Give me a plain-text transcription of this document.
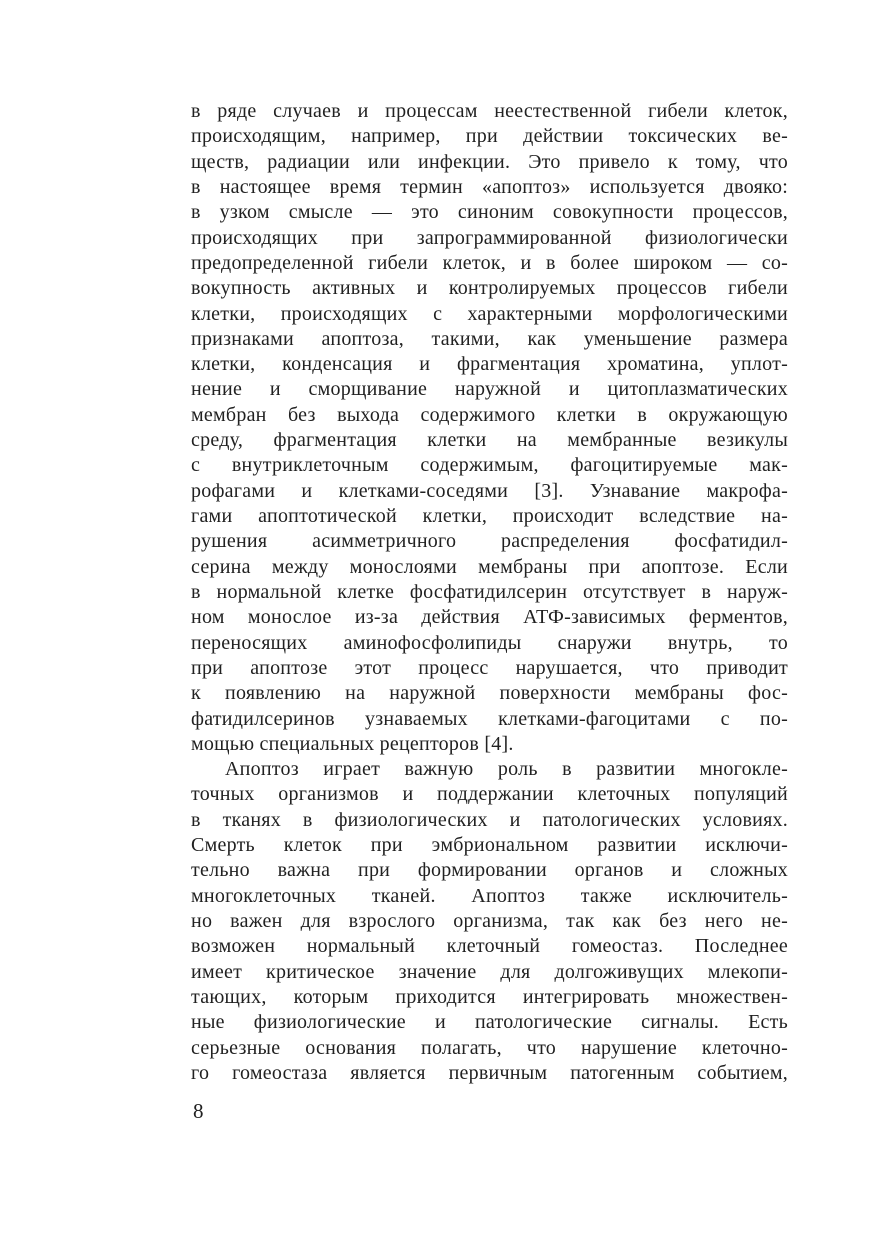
в ряде случаев и процессам неестественной гибели клеток,
происходящим, например, при действии токсических ве-
ществ, радиации или инфекции. Это привело к тому, что
в настоящее время термин «апоптоз» используется двояко:
в узком смысле — это синоним совокупности процессов,
происходящих при запрограммированной физиологически
предопределенной гибели клеток, и в более широком — со-
вокупность активных и контролируемых процессов гибели
клетки, происходящих с характерными морфологическими
признаками апоптоза, такими, как уменьшение размера
клетки, конденсация и фрагментация хроматина, уплот-
нение и сморщивание наружной и цитоплазматических
мембран без выхода содержимого клетки в окружающую
среду, фрагментация клетки на мембранные везикулы
с внутриклеточным содержимым, фагоцитируемые мак-
рофагами и клетками-соседями [3]. Узнавание макрофа-
гами апоптотической клетки, происходит вследствие на-
рушения асимметричного распределения фосфатидил-
серина между монослоями мембраны при апоптозе. Если
в нормальной клетке фосфатидилсерин отсутствует в наруж-
ном монослое из-за действия АТФ-зависимых ферментов,
переносящих аминофосфолипиды снаружи внутрь, то
при апоптозе этот процесс нарушается, что приводит
к появлению на наружной поверхности мембраны фос-
фатидилсеринов узнаваемых клетками-фагоцитами с по-
мощью специальных рецепторов [4].
Апоптоз играет важную роль в развитии многокле-
точных организмов и поддержании клеточных популяций
в тканях в физиологических и патологических условиях.
Смерть клеток при эмбриональном развитии исключи-
тельно важна при формировании органов и сложных
многоклеточных тканей. Апоптоз также исключитель-
но важен для взрослого организма, так как без него не-
возможен нормальный клеточный гомеостаз. Последнее
имеет критическое значение для долгоживущих млекопи-
тающих, которым приходится интегрировать множествен-
ные физиологические и патологические сигналы. Есть
серьезные основания полагать, что нарушение клеточно-
го гомеостаза является первичным патогенным событием,
8
